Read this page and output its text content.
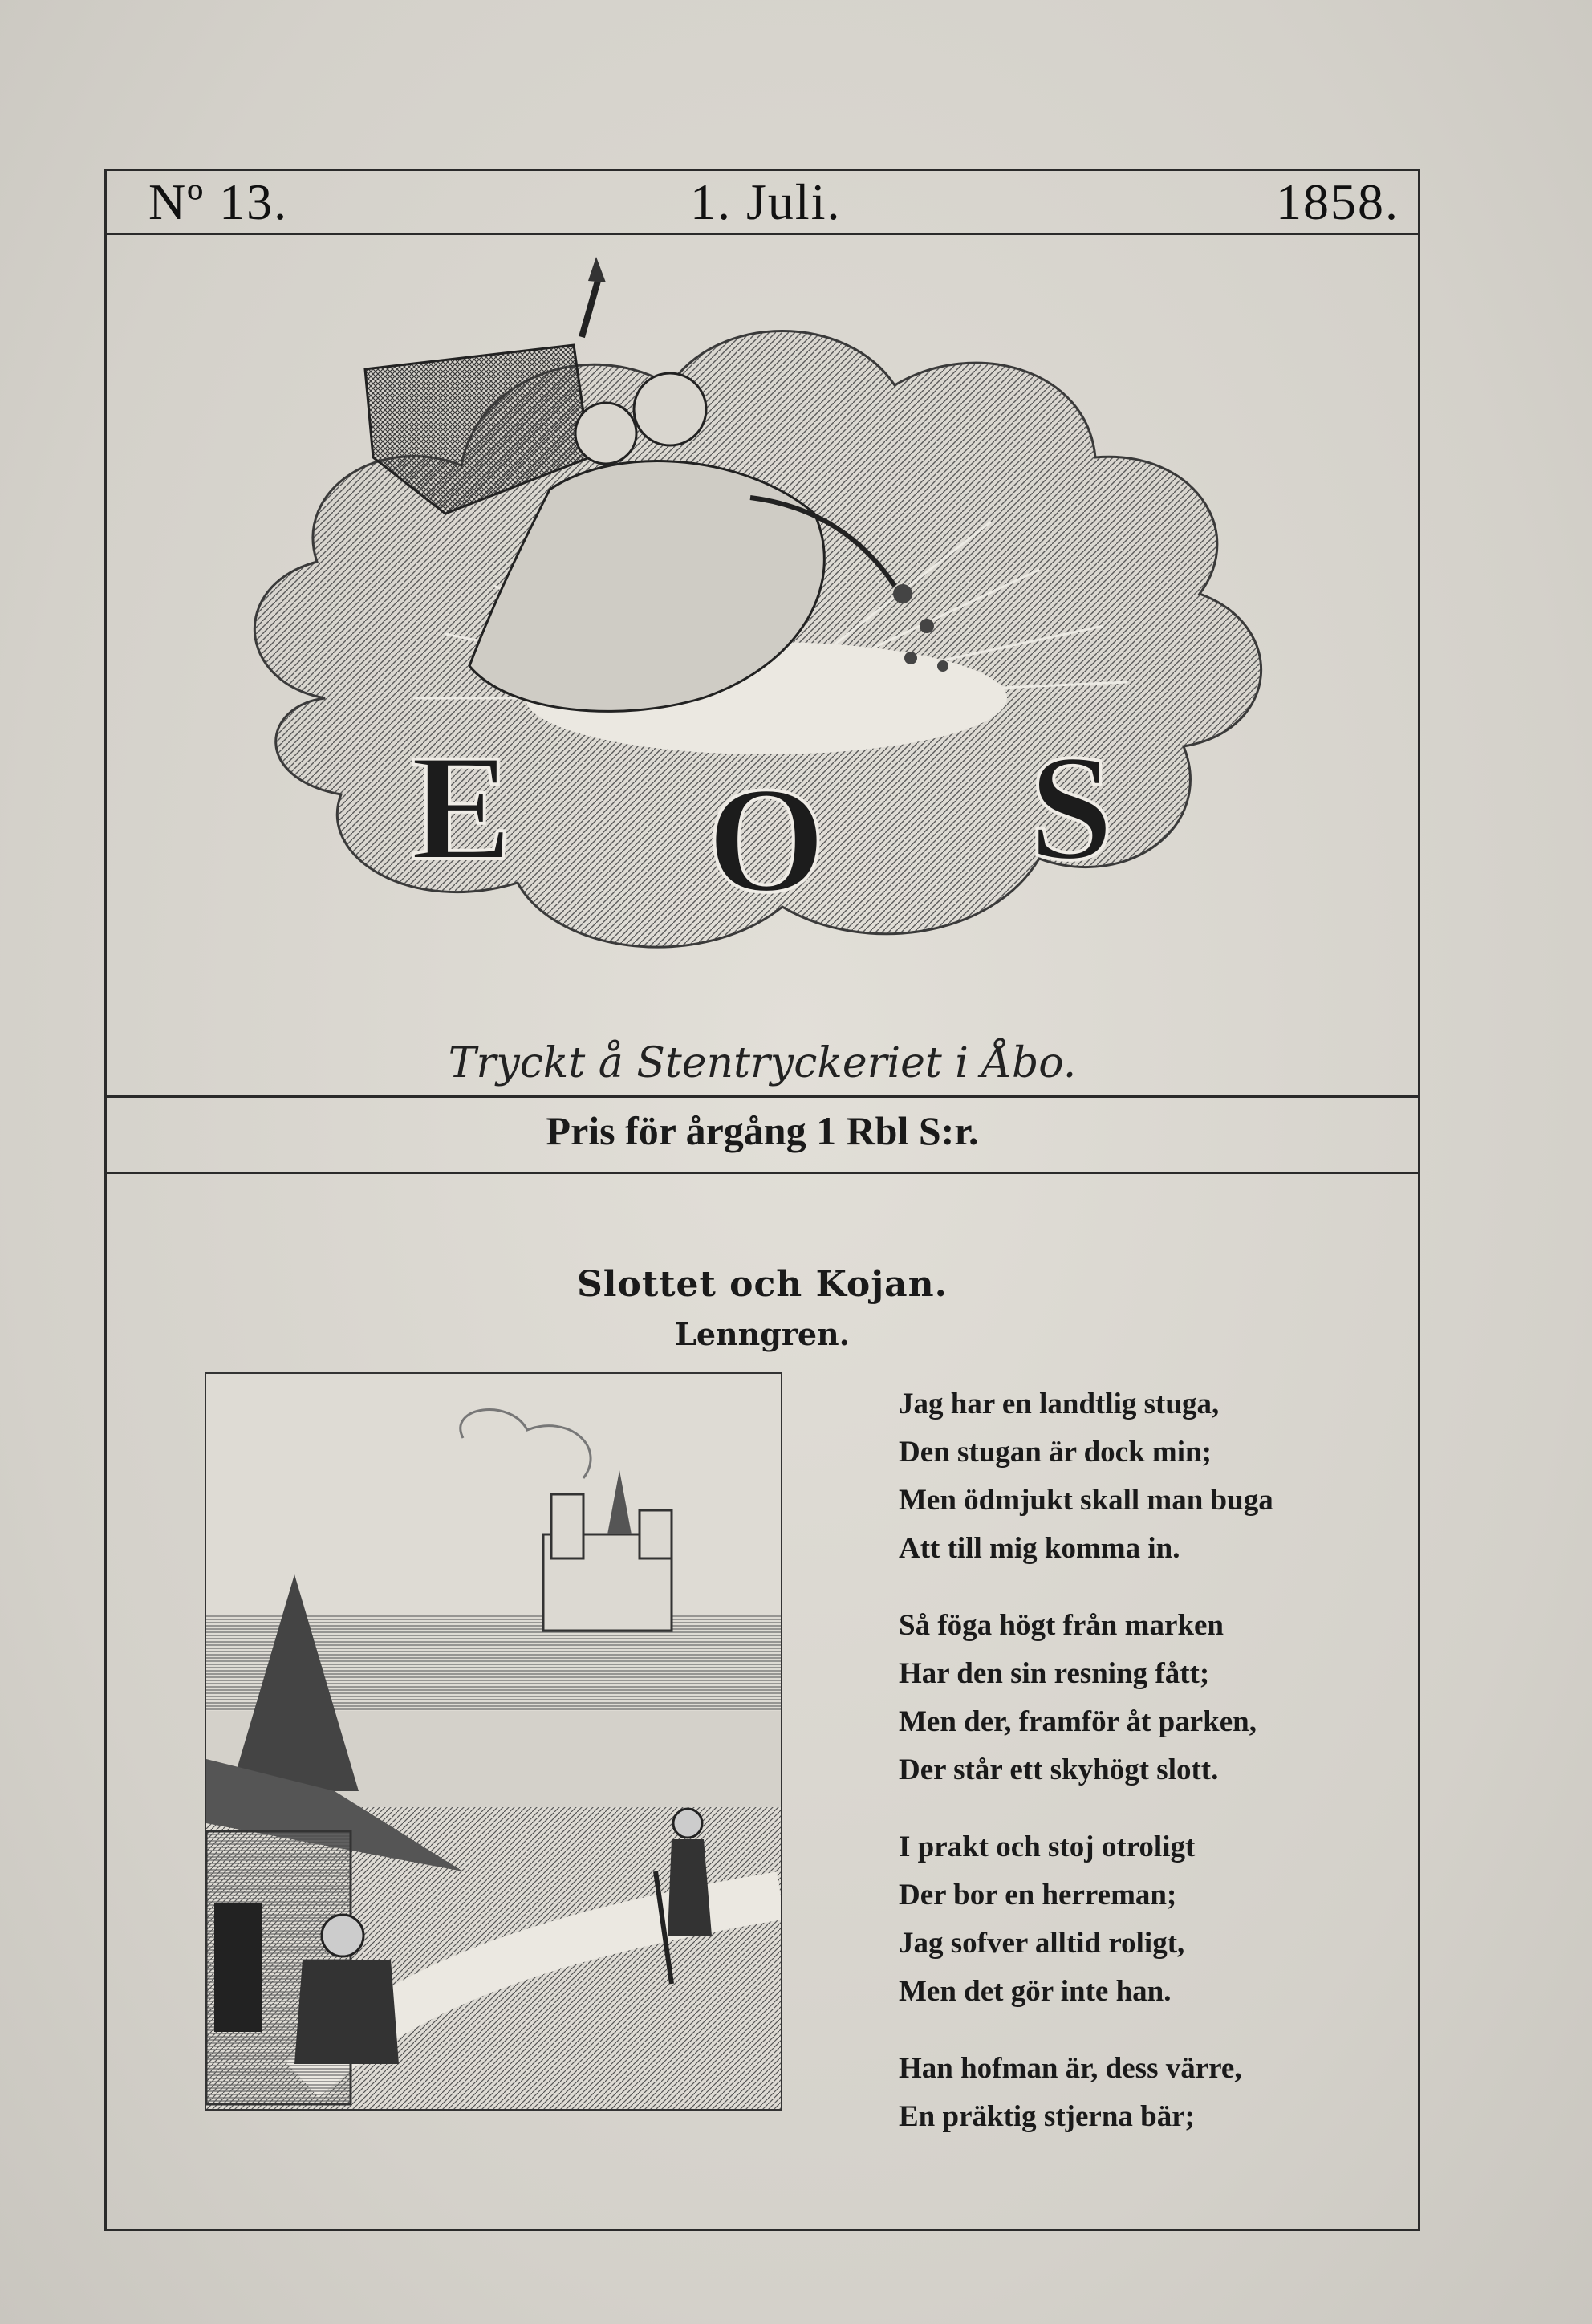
Nº 13.	1. Juli.	1858.
E O S
EOS
Tryckt å Stentryckeriet i Åbo.
Pris för årgång 1 Rbl S:r.
Slottet och Kojan.
Lenngren.
Jag har en landtlig stuga,
Den stugan är dock min;
Men ödmjukt skall man buga
Att till mig komma in.
Så föga högt från marken
Har den sin resning fått;
Men der, framför åt parken,
Der står ett skyhögt slott.
I prakt och stoj otroligt
Der bor en herreman;
Jag sofver alltid roligt,
Men det gör inte han.
Han hofman är, dess värre,
En präktig stjerna bär;
